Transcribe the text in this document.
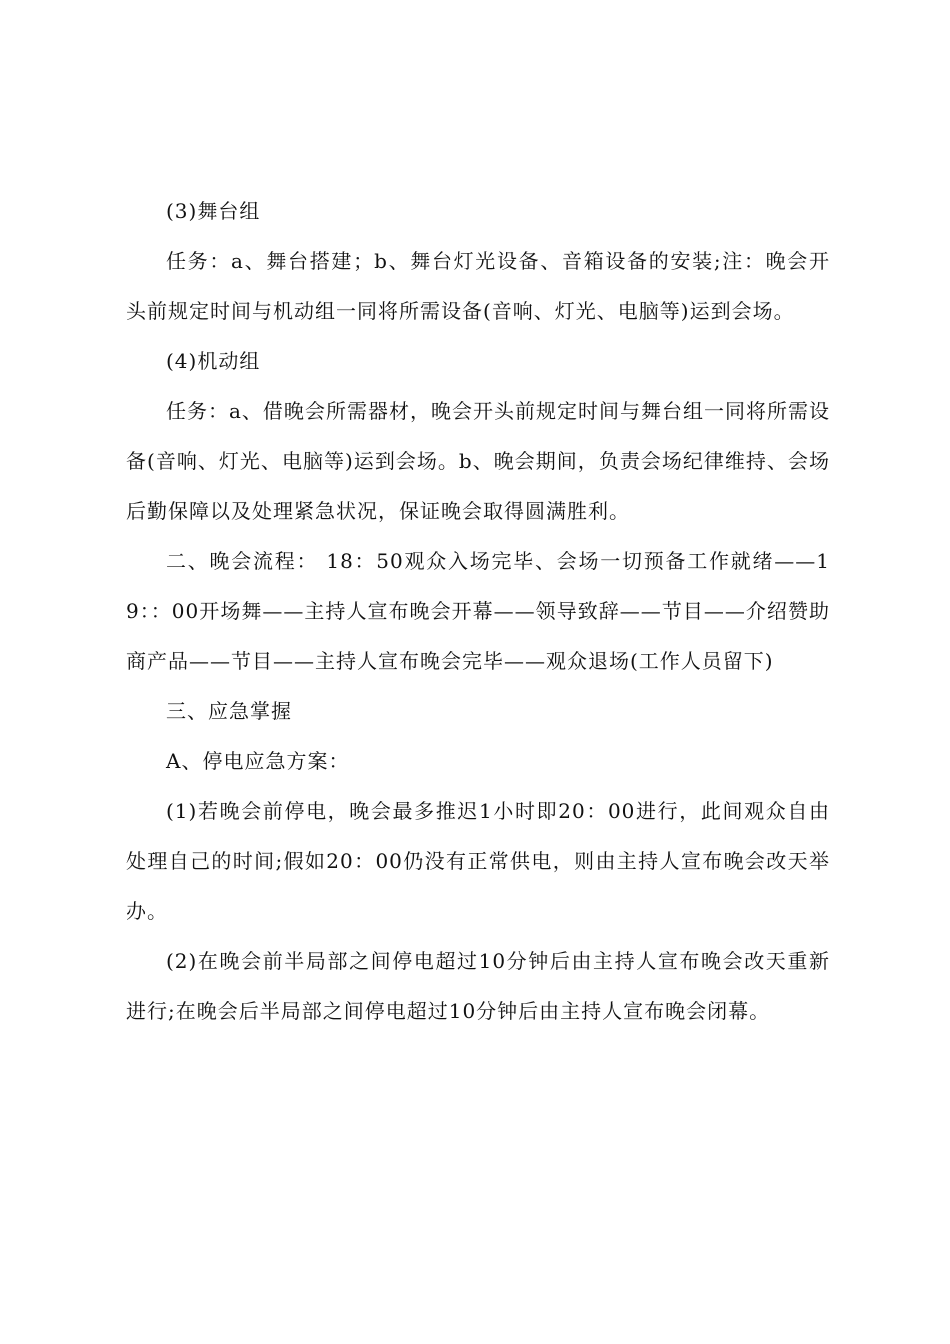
(3)舞台组

任务：a、舞台搭建；b、舞台灯光设备、音箱设备的安装;注：晚会开头前规定时间与机动组一同将所需设备(音响、灯光、电脑等)运到会场。

(4)机动组

任务：a、借晚会所需器材，晚会开头前规定时间与舞台组一同将所需设备(音响、灯光、电脑等)运到会场。b、晚会期间，负责会场纪律维持、会场后勤保障以及处理紧急状况，保证晚会取得圆满胜利。

二、晚会流程： 18：50观众入场完毕、会场一切预备工作就绪——19：：00开场舞——主持人宣布晚会开幕——领导致辞——节目——介绍赞助商产品——节目——主持人宣布晚会完毕——观众退场(工作人员留下)

三、应急掌握

A、停电应急方案：

(1)若晚会前停电，晚会最多推迟1小时即20：00进行，此间观众自由处理自己的时间;假如20：00仍没有正常供电，则由主持人宣布晚会改天举办。

(2)在晚会前半局部之间停电超过10分钟后由主持人宣布晚会改天重新进行;在晚会后半局部之间停电超过10分钟后由主持人宣布晚会闭幕。
